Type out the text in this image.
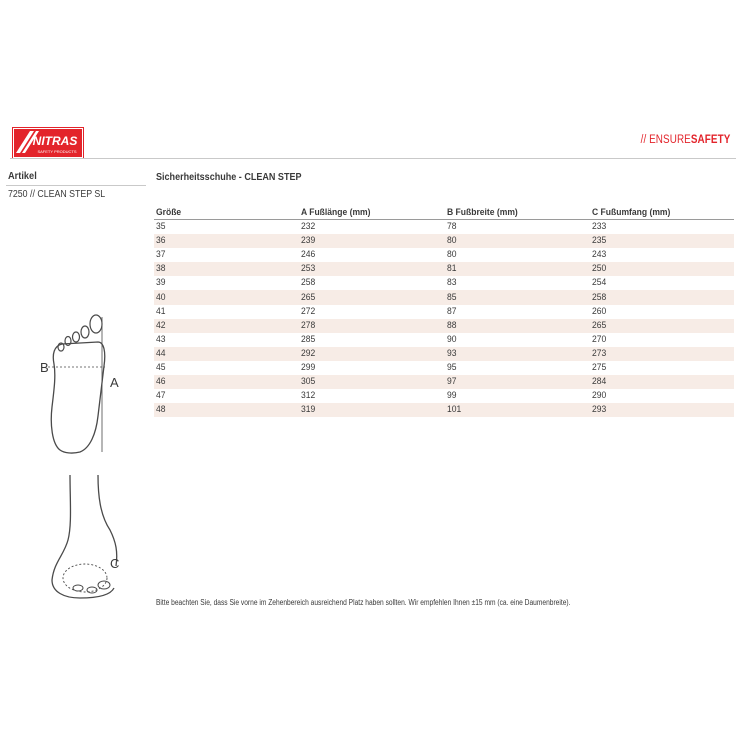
NITRAS
SAFETY PRODUCTS
// ENSURESAFETY
Artikel
7250 // CLEAN STEP SL
Sicherheitsschuhe - CLEAN STEP
Größe	A Fußlänge (mm)	B Fußbreite (mm)	C Fußumfang (mm)
35	232	78	233
36	239	80	235
37	246	80	243
38	253	81	250
39	258	83	254
40	265	85	258
41	272	87	260
42	278	88	265
43	285	90	270
44	292	93	273
45	299	95	275
46	305	97	284
47	312	99	290
48	319	101	293
B
A
C
Bitte beachten Sie, dass Sie vorne im Zehenbereich ausreichend Platz haben sollten. Wir empfehlen Ihnen ±15 mm (ca. eine Daumenbreite).
